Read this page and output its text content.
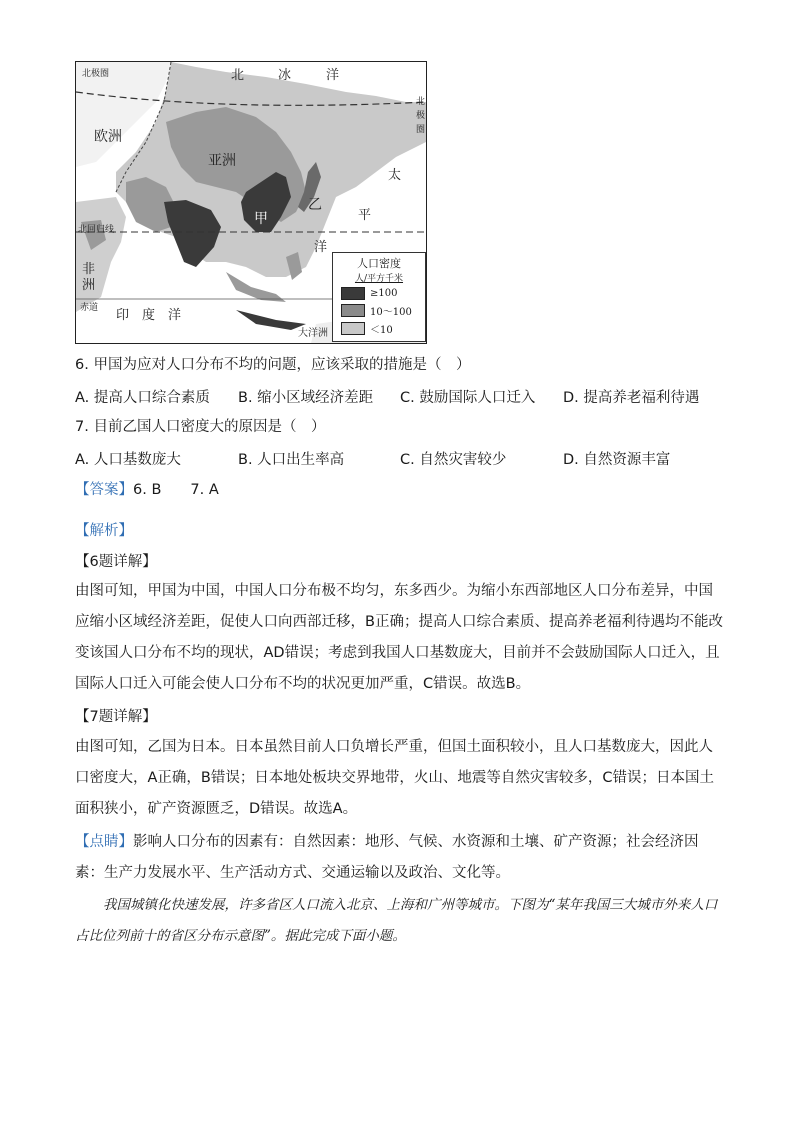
北极圈	北	冰	洋
北
极
圈
欧洲
亚洲
太
平
洋
甲
乙
北回归线
非
洲
赤道 印　度　洋
大洋洲
人口密度
人/平方千米
≥100
10～100
＜10
6. 甲国为应对人口分布不均的问题，应该采取的措施是（　）
A. 提高人口综合素质 B. 缩小区域经济差距 C. 鼓励国际人口迁入 D. 提高养老福利待遇
7. 目前乙国人口密度大的原因是（　）
A. 人口基数庞大	B. 人口出生率高	C. 自然灾害较少	D. 自然资源丰富
【答案】6. B　　7. A
【解析】
【6题详解】
由图可知，甲国为中国，中国人口分布极不均匀，东多西少。为缩小东西部地区人口分布差异，中国应缩小区域经济差距，促使人口向西部迁移，B正确；提高人口综合素质、提高养老福利待遇均不能改变该国人口分布不均的现状，AD错误；考虑到我国人口基数庞大，目前并不会鼓励国际人口迁入，且国际人口迁入可能会使人口分布不均的状况更加严重，C错误。故选B。
【7题详解】
由图可知，乙国为日本。日本虽然目前人口负增长严重，但国土面积较小，且人口基数庞大，因此人口密度大，A正确，B错误；日本地处板块交界地带，火山、地震等自然灾害较多，C错误；日本国土面积狭小，矿产资源匮乏，D错误。故选A。
【点睛】影响人口分布的因素有：自然因素：地形、气候、水资源和土壤、矿产资源；社会经济因素：生产力发展水平、生产活动方式、交通运输以及政治、文化等。
我国城镇化快速发展，许多省区人口流入北京、上海和广州等城市。下图为“某年我国三大城市外来人口占比位列前十的省区分布示意图”。据此完成下面小题。
